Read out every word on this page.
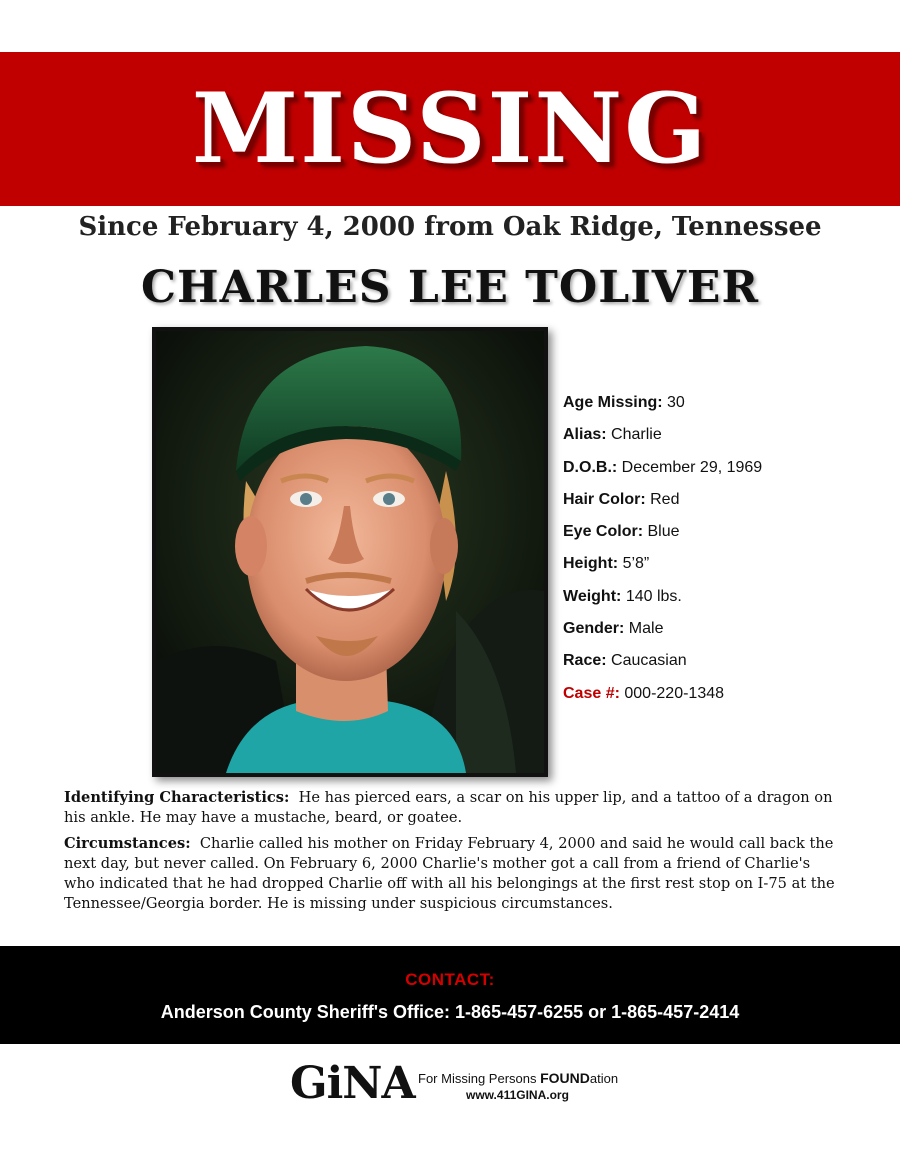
MISSING
Since February 4, 2000 from Oak Ridge, Tennessee
CHARLES LEE TOLIVER
Age Missing: 30
Alias: Charlie
D.O.B.: December 29, 1969
Hair Color: Red
Eye Color: Blue
Height: 5’8”
Weight: 140 lbs.
Gender: Male
Race: Caucasian
Case #: 000-220-1348

Identifying Characteristics: He has pierced ears, a scar on his upper lip, and a tattoo of a dragon on his ankle. He may have a mustache, beard, or goatee.

Circumstances: Charlie called his mother on Friday February 4, 2000 and said he would call back the next day, but never called. On February 6, 2000 Charlie's mother got a call from a friend of Charlie's who indicated that he had dropped Charlie off with all his belongings at the first rest stop on I-75 at the Tennessee/Georgia border. He is missing under suspicious circumstances.

CONTACT:
Anderson County Sheriff's Office: 1-865-457-6255 or 1-865-457-2414
GiNA For Missing Persons FOUNDation
www.411GINA.org
